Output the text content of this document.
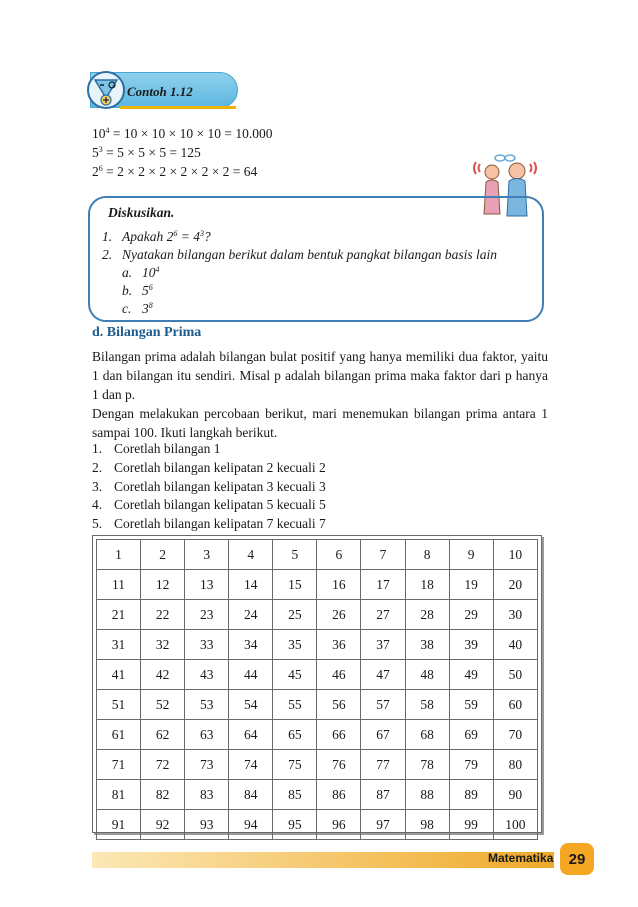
Contoh 1.12
$10^4 = 10 \times 10 \times 10 \times 10 = 10.000$
$5^3 = 5 \times 5 \times 5 = 125$
$2^6 = 2 \times 2 \times 2 \times 2 \times 2 \times 2 = 64$
Diskusikan.
1. Apakah $2^6 = 4^3$?
2. Nyatakan bilangan berikut dalam bentuk pangkat bilangan basis lain
a. $10^4$
b. $5^6$
c. $3^8$
d. Bilangan Prima
Bilangan prima adalah bilangan bulat positif yang hanya memiliki dua faktor, yaitu 1 dan bilangan itu sendiri. Misal p adalah bilangan prima maka faktor dari p hanya 1 dan p.
Dengan melakukan percobaan berikut, mari menemukan bilangan prima antara 1 sampai 100. Ikuti langkah berikut.
1. Coretlah bilangan 1
2. Coretlah bilangan kelipatan 2 kecuali 2
3. Coretlah bilangan kelipatan 3 kecuali 3
4. Coretlah bilangan kelipatan 5 kecuali 5
5. Coretlah bilangan kelipatan 7 kecuali 7
1	2	3	4	5	6	7	8	9	10
11	12	13	14	15	16	17	18	19	20
21	22	23	24	25	26	27	28	29	30
31	32	33	34	35	36	37	38	39	40
41	42	43	44	45	46	47	48	49	50
51	52	53	54	55	56	57	58	59	60
61	62	63	64	65	66	67	68	69	70
71	72	73	74	75	76	77	78	79	80
81	82	83	84	85	86	87	88	89	90
91	92	93	94	95	96	97	98	99	100
Matematika	29
